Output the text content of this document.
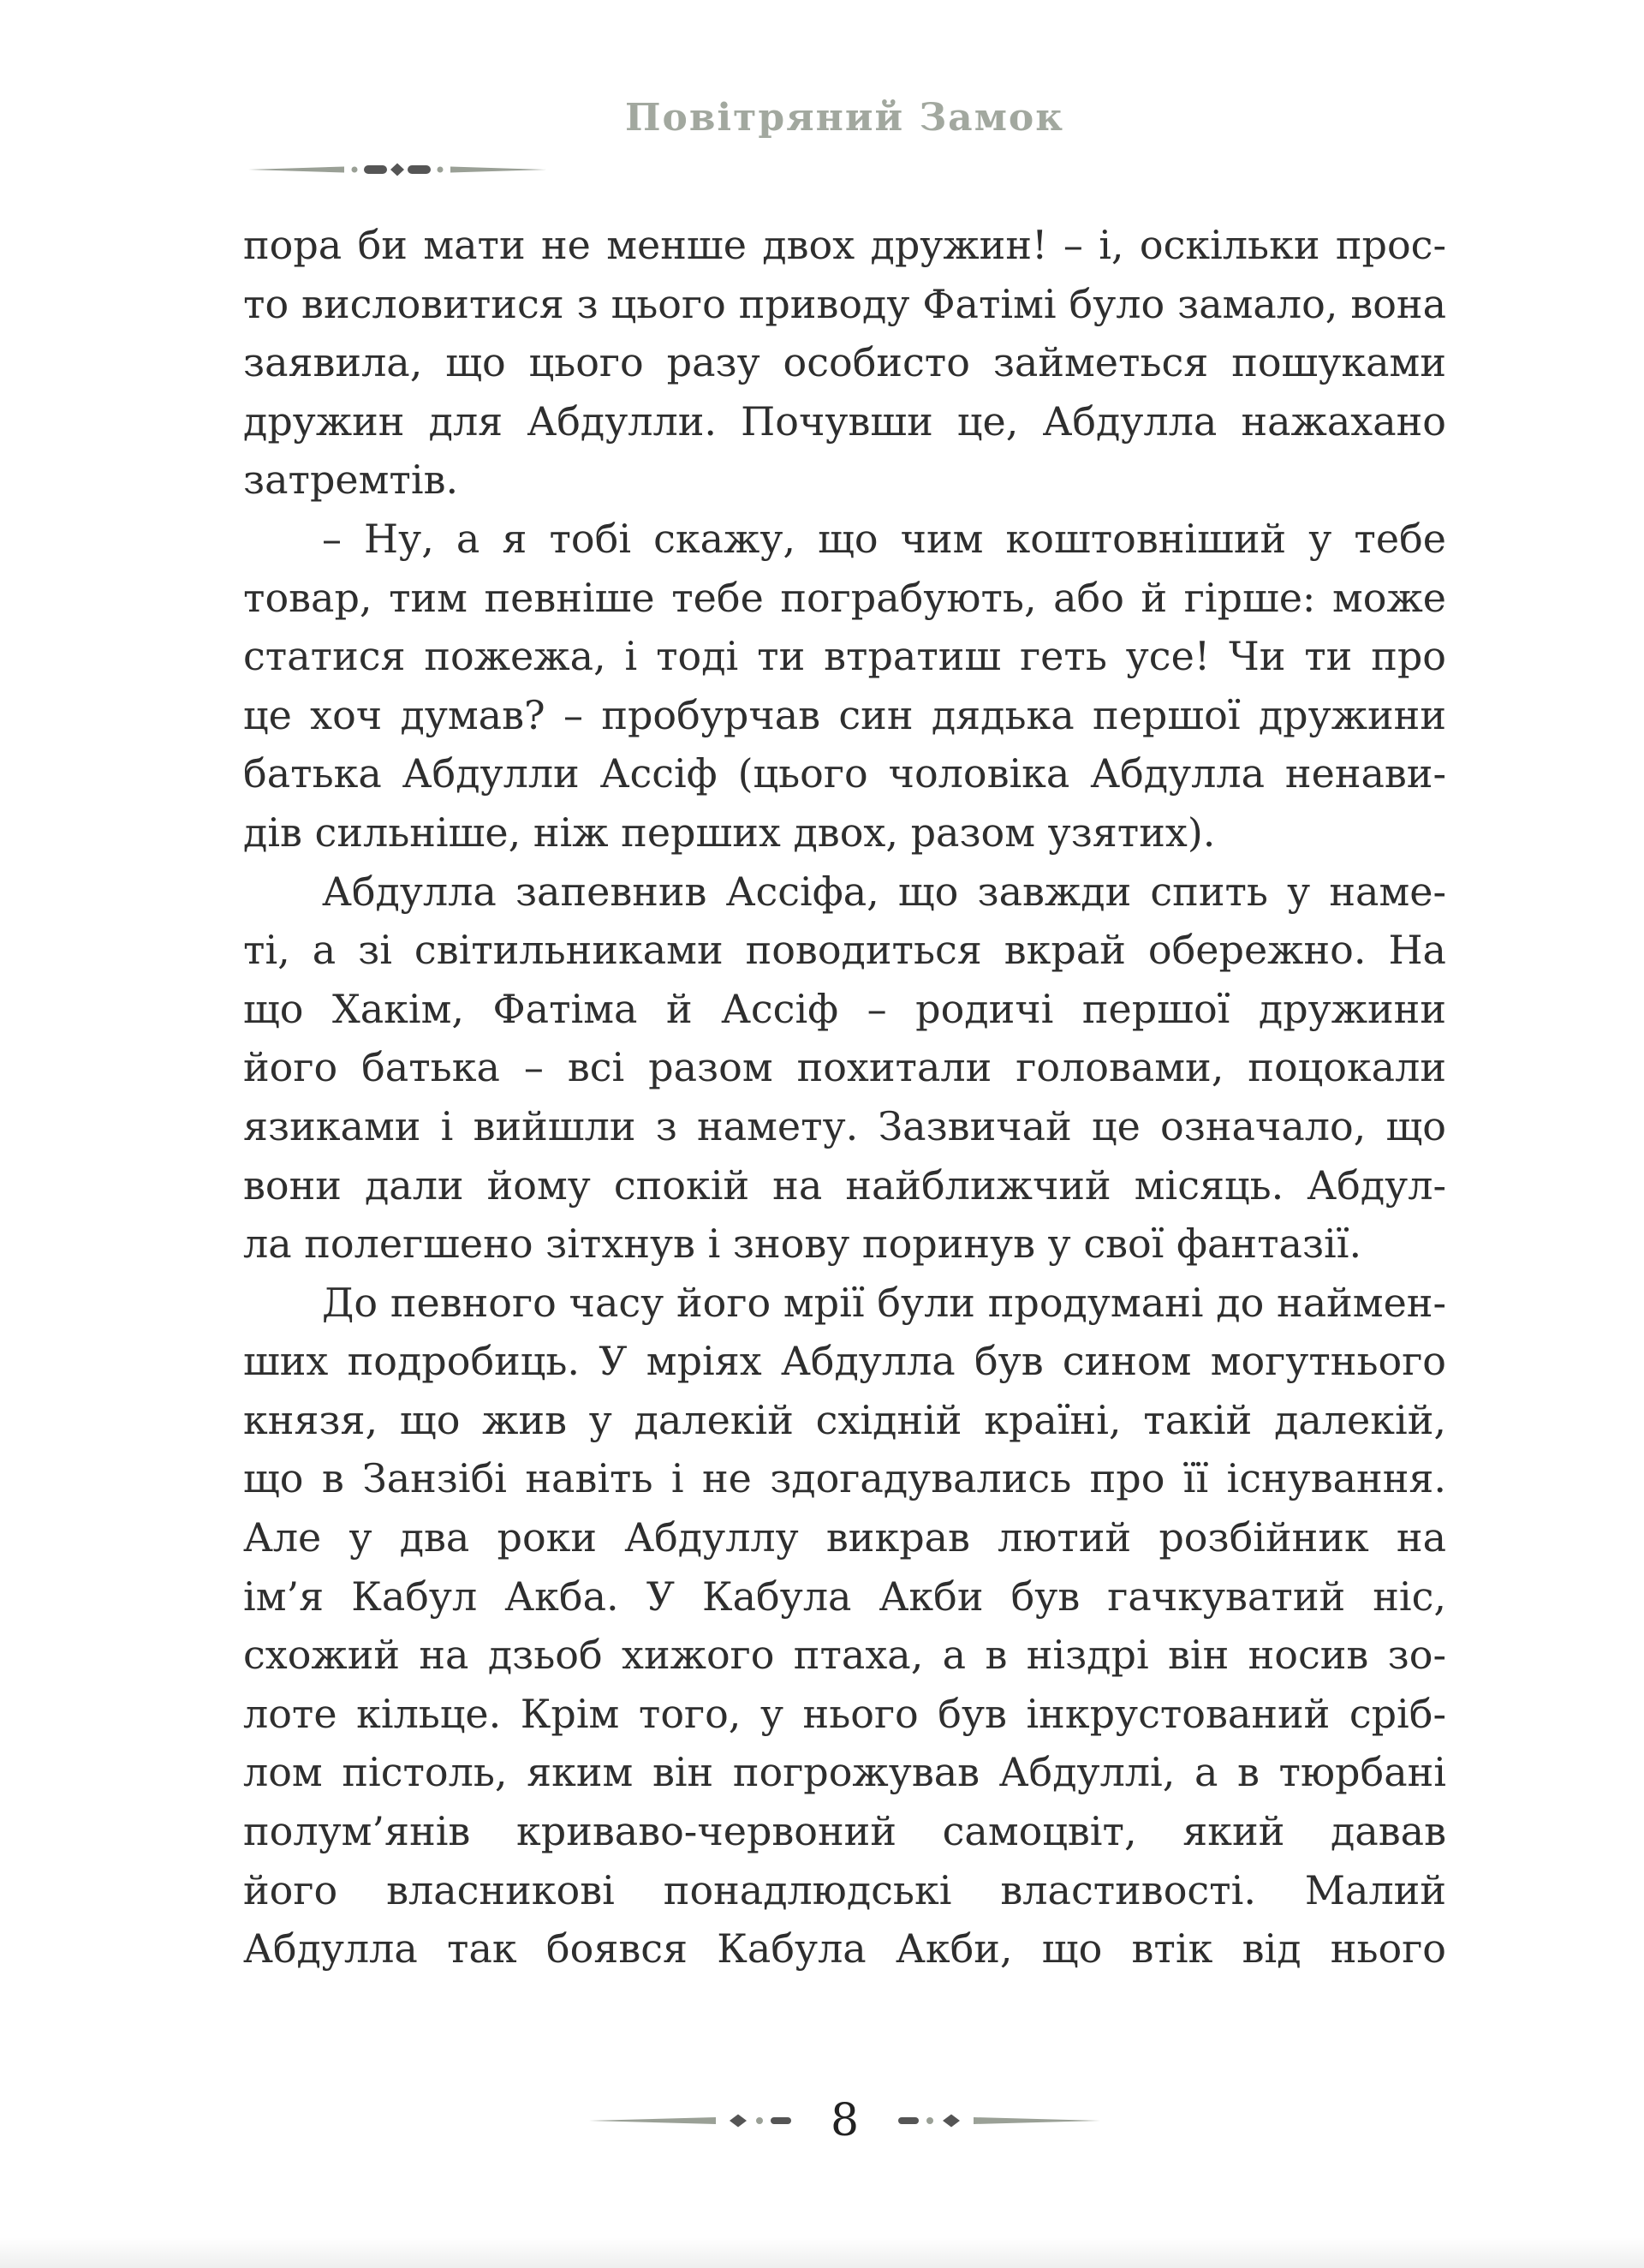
Повітряний Замок
пора би мати не менше двох дружин! – і, оскільки прос-
то висловитися з цього приводу Фатімі було замало, вона
заявила, що цього разу особисто займеться пошуками
дружин для Абдулли. Почувши це, Абдулла нажахано
затремтів.
– Ну, а я тобі скажу, що чим коштовніший у тебе
товар, тим певніше тебе пограбують, або й гірше: може
статися пожежа, і тоді ти втратиш геть усе! Чи ти про
це хоч думав? – пробурчав син дядька першої дружини
батька Абдулли Ассіф (цього чоловіка Абдулла ненави-
дів сильніше, ніж перших двох, разом узятих).
Абдулла запевнив Ассіфа, що завжди спить у наме-
ті, а зі світильниками поводиться вкрай обережно. На
що Хакім, Фатіма й Ассіф – родичі першої дружини
його батька – всі разом похитали головами, поцокали
язиками і вийшли з намету. Зазвичай це означало, що
вони дали йому спокій на найближчий місяць. Абдул-
ла полегшено зітхнув і знову поринув у свої фантазії.
До певного часу його мрії були продумані до наймен-
ших подробиць. У мріях Абдулла був сином могутнього
князя, що жив у далекій східній країні, такій далекій,
що в Занзібі навіть і не здогадувались про її існування.
Але у два роки Абдуллу викрав лютий розбійник на
ім’я Кабул Акба. У Кабула Акби був гачкуватий ніс,
схожий на дзьоб хижого птаха, а в ніздрі він носив зо-
лоте кільце. Крім того, у нього був інкрустований сріб-
лом пістоль, яким він погрожував Абдуллі, а в тюрбані
полум’янів криваво-червоний самоцвіт, який давав
його власникові понадлюдські властивості. Малий
Абдулла так боявся Кабула Акби, що втік від нього
8
